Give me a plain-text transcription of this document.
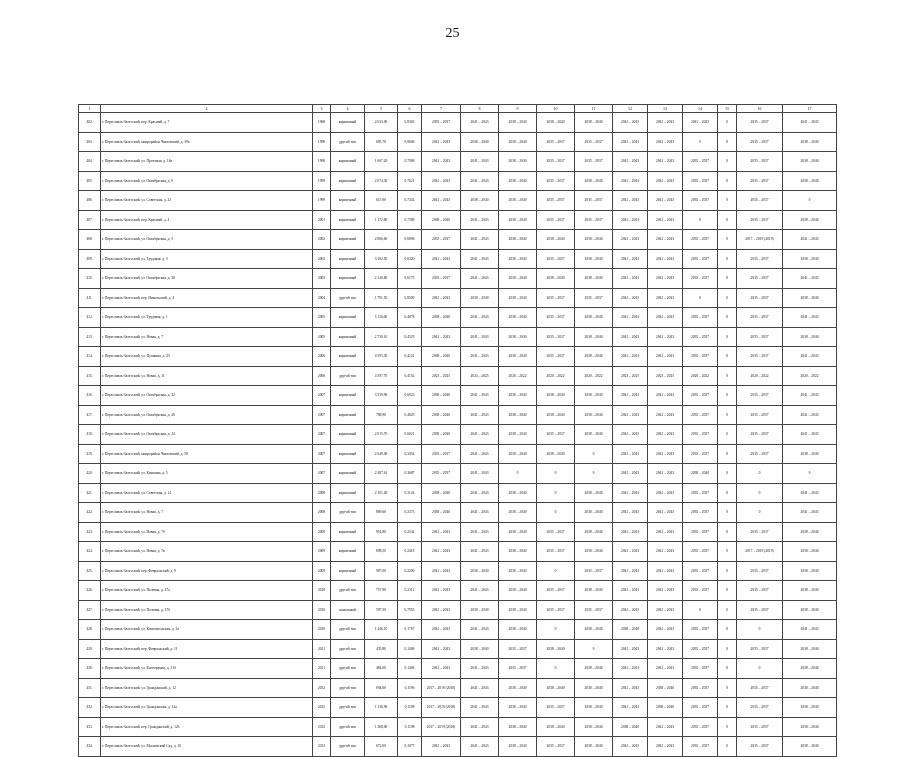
25
1	2	3	4	5	6	7	8	9	10	11	12	13	14	15	16	17
402.	г. Переславль-Залесский, пер. Красный, д. 7	1968	кирпичный	2 633,00	0,8363	2035 – 2037	2041 – 2043	2038 – 2040	2038 – 2040	2038 – 2040	2041 – 2043	2041 – 2043	2041 – 2043	0	2035 – 2037	2041 – 2043
403.	г. Переславль-Залесский, микрорайон Чкаловский, д. 39а	1998	другой тип	685,70	0,9606	2041 – 2043	2038 – 2040	2038 – 2040	2035 – 2037	2035 – 2037	2041 – 2043	2041 – 2043	0	0	2035 – 2037	2038 – 2040
404.	г. Переславль-Залесский, ул. Проезжая, д. 16а	1998	кирпичный	1 667,20	0,7908	2041 – 2043	2041 – 2043	2038 – 2040	2035 – 2037	2035 – 2037	2041 – 2043	2041 – 2043	2035 – 2037	0	2035 – 2037	2038 – 2040
405.	г. Переславль-Залесский, ул. Октябрьская, д. 9	1999	кирпичный	2 074,30	0,7621	2041 – 2043	2041 – 2043	2038 – 2040	2035 – 2037	2038 – 2040	2041 – 2043	2041 – 2043	2035 – 2037	0	2035 – 2037	2038 – 2040
406.	г. Переславль-Залесский, ул. Советская, д. 23	1999	кирпичный	615,90	0,7432	2041 – 2043	2038 – 2040	2038 – 2040	2035 – 2037	2035 – 2037	2041 – 2043	2041 – 2043	2035 – 2037	0	2035 – 2037	0
407.	г. Переславль-Залесский, пер. Красный, д. 4	2001	кирпичный	1 172,80	0,7389	2038 – 2040	2041 – 2043	2038 – 2040	2035 – 2037	2035 – 2037	2041 – 2043	2041 – 2043	0	0	2035 – 2037	2038 – 2040
408.	г. Переславль-Залесский, ул. Октябрьская, д. 5	2002	кирпичный	2 066,60	0,6896	2035 – 2037	2041 – 2043	2038 – 2040	2038 – 2040	2038 – 2040	2041 – 2043	2041 – 2043	2035 – 2037	0	2017 – 2019 (2019)	2041 – 2043
409.	г. Переславль-Залесский, ул. Трудовая, д. 3	2002	кирпичный	3 262,50	0,6320	2041 – 2043	2041 – 2043	2038 – 2040	2035 – 2037	2038 – 2040	2041 – 2043	2041 – 2043	2035 – 2037	0	2035 – 2037	2038 – 2040
410.	г. Переславль-Залесский, ул. Октябрьская, д. 38	2003	кирпичный	2 120,80	0,6175	2035 – 2037	2041 – 2043	2038 – 2040	2038 – 2040	2038 – 2040	2041 – 2043	2041 – 2043	2035 – 2037	0	2035 – 2037	2041 – 2043
411.	г. Переславль-Залесский, пер. Никольский, д. 2	2004	другой тип	1 791,50	0,8500	2041 – 2043	2038 – 2040	2038 – 2040	2035 – 2037	2035 – 2037	2041 – 2043	2041 – 2043	0	0	2035 – 2037	2038 – 2040
412.	г. Переславль-Залесский, ул. Трудовая, д. 1	2005	кирпичный	5 116,60	0,4878	2038 – 2040	2041 – 2043	2038 – 2040	2035 – 2037	2038 – 2040	2041 – 2043	2041 – 2043	2035 – 2037	0	2035 – 2037	2041 – 2043
413.	г. Переславль-Залесский, ул. Новая, д. 7	2005	кирпичный	2 730,10	0,4525	2041 – 2043	2041 – 2043	2038 – 2040	2035 – 2037	2038 – 2040	2041 – 2043	2041 – 2043	2035 – 2037	0	2035 – 2037	2038 – 2040
414.	г. Переславль-Залесский, ул. Пушкина, д. 25	2006	кирпичный	4 593,30	0,4122	2038 – 2040	2041 – 2043	2038 – 2040	2035 – 2037	2038 – 2040	2041 – 2043	2041 – 2043	2035 – 2037	0	2035 – 2037	2041 – 2043
415.	г. Переславль-Залесский, ул. Новая, д. 11	2006	другой тип	4 597,70	0,4152	2023 – 2025	2023 – 2025	2020 – 2022	2020 – 2022	2020 – 2022	2023 – 2025	2023 – 2025	2020 – 2022	0	2020 – 2022	2020 – 2022
416.	г. Переславль-Залесский, ул. Октябрьская, д. 32	2007	кирпичный	3 359,90	0,6023	2038 – 2040	2041 – 2043	2038 – 2040	2038 – 2040	2038 – 2040	2041 – 2043	2041 – 2043	2035 – 2037	0	2035 – 2037	2041 – 2043
417.	г. Переславль-Залесский, ул. Октябрьская, д. 26	2007	кирпичный	788,90	0,4025	2038 – 2040	2041 – 2043	2038 – 2040	2038 – 2040	2038 – 2040	2041 – 2043	2041 – 2043	2035 – 2037	0	2035 – 2037	2041 – 2043
418.	г. Переславль-Залесский, ул. Октябрьская, д. 24	2007	кирпичный	2 015,70	0,6021	2038 – 2040	2041 – 2043	2038 – 2040	2035 – 2037	2038 – 2040	2041 – 2043	2041 – 2043	2035 – 2037	0	2035 – 2037	2041 – 2043
419.	г. Переславль-Залесский, микрорайон Чкаловский, д. 58	2007	кирпичный	2 649,00	0,3454	2035 – 2037	2041 – 2043	2038 – 2040	2038 – 2040	0	2041 – 2043	2041 – 2043	2035 – 2037	0	2035 – 2037	2038 – 2040
420.	г. Переславль-Залесский, ул. Кошкина, д. 5	2007	кирпичный	2 487,61	0,3687	2035 – 2037	2041 – 2043	0	0	0	2041 – 2043	2041 – 2043	2038 – 2040	0	0	0
421.	г. Переславль-Залесский, ул. Советская, д. 14	2008	кирпичный	2 101,40	0,3124	2038 – 2040	2041 – 2043	2038 – 2040	0	2038 – 2040	2041 – 2043	2041 – 2043	2035 – 2037	0	0	2041 – 2043
422.	г. Переславль-Залесский, ул. Новая, д. 7	2008	другой тип	889,60	0,2373	2038 – 2040	2041 – 2043	2038 – 2040	0	2038 – 2040	2041 – 2043	2041 – 2043	2035 – 2037	0	0	2041 – 2043
423.	г. Переславль-Залесский, ул. Новая, д. 7б	2009	кирпичный	954,80	0,2542	2041 – 2043	2041 – 2043	2038 – 2040	2035 – 2037	2038 – 2040	2041 – 2043	2041 – 2043	2035 – 2037	0	2035 – 2037	2038 – 2040
424.	г. Переславль-Залесский, ул. Новая, д. 7в	2009	кирпичный	898,50	0,2418	2041 – 2043	2041 – 2043	2038 – 2040	2035 – 2037	2038 – 2040	2041 – 2043	2041 – 2043	2035 – 2037	0	2017 – 2019 (2019)	2038 – 2040
425.	г. Переславль-Залесский, пер. Февральский, д. 9	2009	кирпичный	987,00	0,2200	2041 – 2043	2038 – 2040	2038 – 2040	0	2035 – 2037	2041 – 2043	2041 – 2043	2035 – 2037	0	2035 – 2037	2038 – 2040
426.	г. Переславль-Залесский, ул. Полевая, д. 47а	2010	другой тип	757,90	0,2312	2041 – 2043	2041 – 2043	2038 – 2040	2035 – 2037	2038 – 2040	2041 – 2043	2041 – 2043	2035 – 2037	0	2035 – 2037	2038 – 2040
427.	г. Переславль-Залесский, ул. Полевая, д. 47б	2010	панельный	597,50	0,7953	2041 – 2043	2038 – 2040	2038 – 2040	2035 – 2037	2035 – 2037	2041 – 2043	2041 – 2043	0	0	2035 – 2037	2038 – 2040
428.	г. Переславль-Залесский, ул. Комсомольская, д. 5а	2010	другой тип	1 446,10	0,1767	2041 – 2043	2041 – 2043	2038 – 2040	0	2038 – 2040	2038 – 2040	2041 – 2043	2035 – 2037	0	0	2041 – 2043
429.	г. Переславль-Залесский, пер. Февральский, д. 11	2011	другой тип	435,80	0,1406	2041 – 2043	2038 – 2040	2035 – 2037	2038 – 2040	0	2041 – 2043	2041 – 2043	2035 – 2037	0	2035 – 2037	2038 – 2040
430.	г. Переславль-Залесский, ул. Кооперации, д. 31б	2011	другой тип	484,00	0,1406	2041 – 2043	2041 – 2043	2035 – 2037	0	2038 – 2040	2041 – 2043	2041 – 2043	2035 – 2037	0	0	2038 – 2040
431.	г. Переславль-Залесский, ул. Гражданский, д. 12	2012	другой тип	694,00	0,1196	2017 – 2019 (2018)	2041 – 2043	2038 – 2040	2038 – 2040	2038 – 2040	2041 – 2043	2038 – 2040	2035 – 2037	0	2035 – 2037	2038 – 2040
432.	г. Переславль-Залесский, ул. Гражданская, д. 12а	2012	другой тип	1 136,90	0,1198	2017 – 2019 (2018)	2041 – 2043	2038 – 2040	2035 – 2037	2038 – 2040	2041 – 2043	2038 – 2040	2035 – 2037	0	2035 – 2037	2038 – 2040
433.	г. Переславль-Залесский, пер. Гражданский, д. 12б	2012	другой тип	1 368,00	0,1198	2017 – 2019 (2018)	2041 – 2043	2038 – 2040	2038 – 2040	2038 – 2040	2038 – 2040	2041 – 2043	2035 – 2037	0	2035 – 2037	2038 – 2040
434.	г. Переславль-Залесский, ул. Московский Сад, д. 10	2012	другой тип	672,00	0,1077	2041 – 2043	2041 – 2043	2038 – 2040	2035 – 2037	2038 – 2040	2041 – 2043	2041 – 2043	2035 – 2037	0	2035 – 2037	2038 – 2040
